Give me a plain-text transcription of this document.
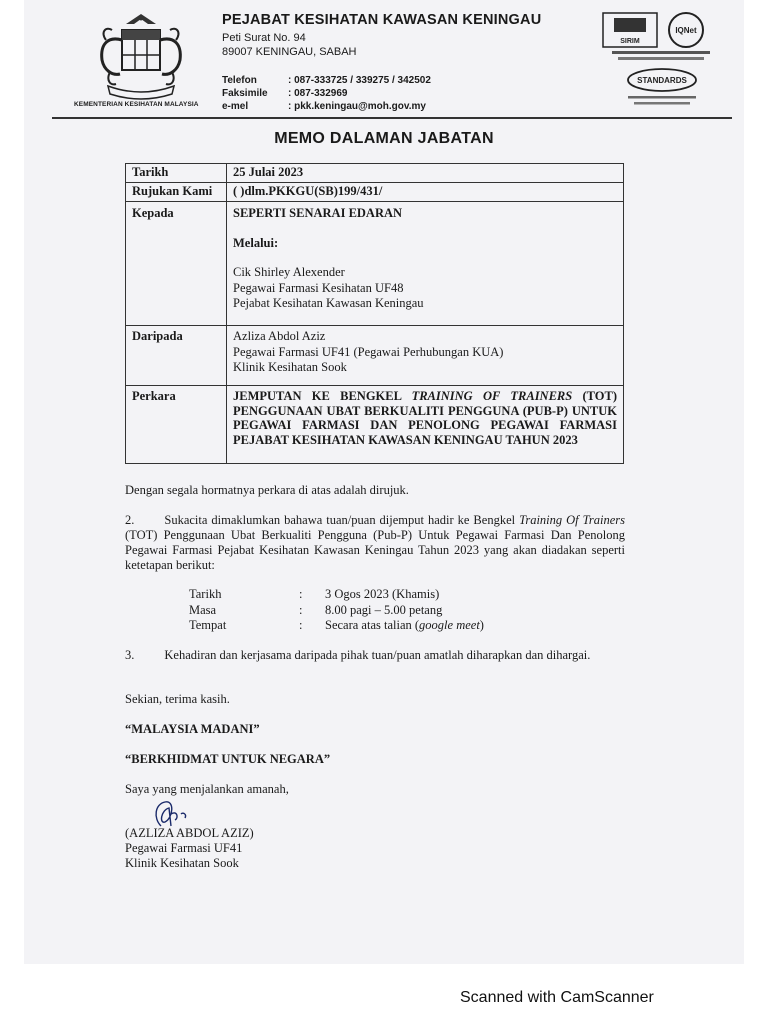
KEMENTERIAN KESIHATAN MALAYSIA
PEJABAT KESIHATAN KAWASAN KENINGAU
Peti Surat No. 94
89007 KENINGAU, SABAH
Telefon	: 087-333725 / 339275 / 342502
Faksimile	: 087-332969
e-mel	: pkk.keningau@moh.gov.my
SIRIM
IQNet
STANDARDS
MEMO DALAMAN JABATAN
Tarikh	25 Julai 2023
Rujukan Kami	( )dlm.PKKGU(SB)199/431/
Kepada	SEPERTI SENARAI EDARAN
Melalui:
Cik Shirley Alexender
Pegawai Farmasi Kesihatan UF48
Pejabat Kesihatan Kawasan Keningau

Daripada	Azliza Abdol Aziz
Pegawai Farmasi UF41 (Pegawai Perhubungan KUA)
Klinik Kesihatan Sook

Perkara	JEMPUTAN KE BENGKEL TRAINING OF TRAINERS (TOT) PENGGUNAAN UBAT BERKUALITI PENGGUNA (PUB-P) UNTUK PEGAWAI FARMASI DAN PENOLONG PEGAWAI FARMASI PEJABAT KESIHATAN KAWASAN KENINGAU TAHUN 2023
Dengan segala hormatnya perkara di atas adalah dirujuk.
2. Sukacita dimaklumkan bahawa tuan/puan dijemput hadir ke Bengkel Training Of Trainers (TOT) Penggunaan Ubat Berkualiti Pengguna (Pub-P) Untuk Pegawai Farmasi Dan Penolong Pegawai Farmasi Pejabat Kesihatan Kawasan Keningau Tahun 2023 yang akan diadakan seperti ketetapan berikut:
Tarikh	:	3 Ogos 2023 (Khamis)
Masa	:	8.00 pagi – 5.00 petang
Tempat	:	Secara atas talian (google meet)
3. Kehadiran dan kerjasama daripada pihak tuan/puan amatlah diharapkan dan dihargai.
Sekian, terima kasih.
“MALAYSIA MADANI”
“BERKHIDMAT UNTUK NEGARA”
Saya yang menjalankan amanah,
(AZLIZA ABDOL AZIZ)
Pegawai Farmasi UF41
Klinik Kesihatan Sook
Scanned with CamScanner
